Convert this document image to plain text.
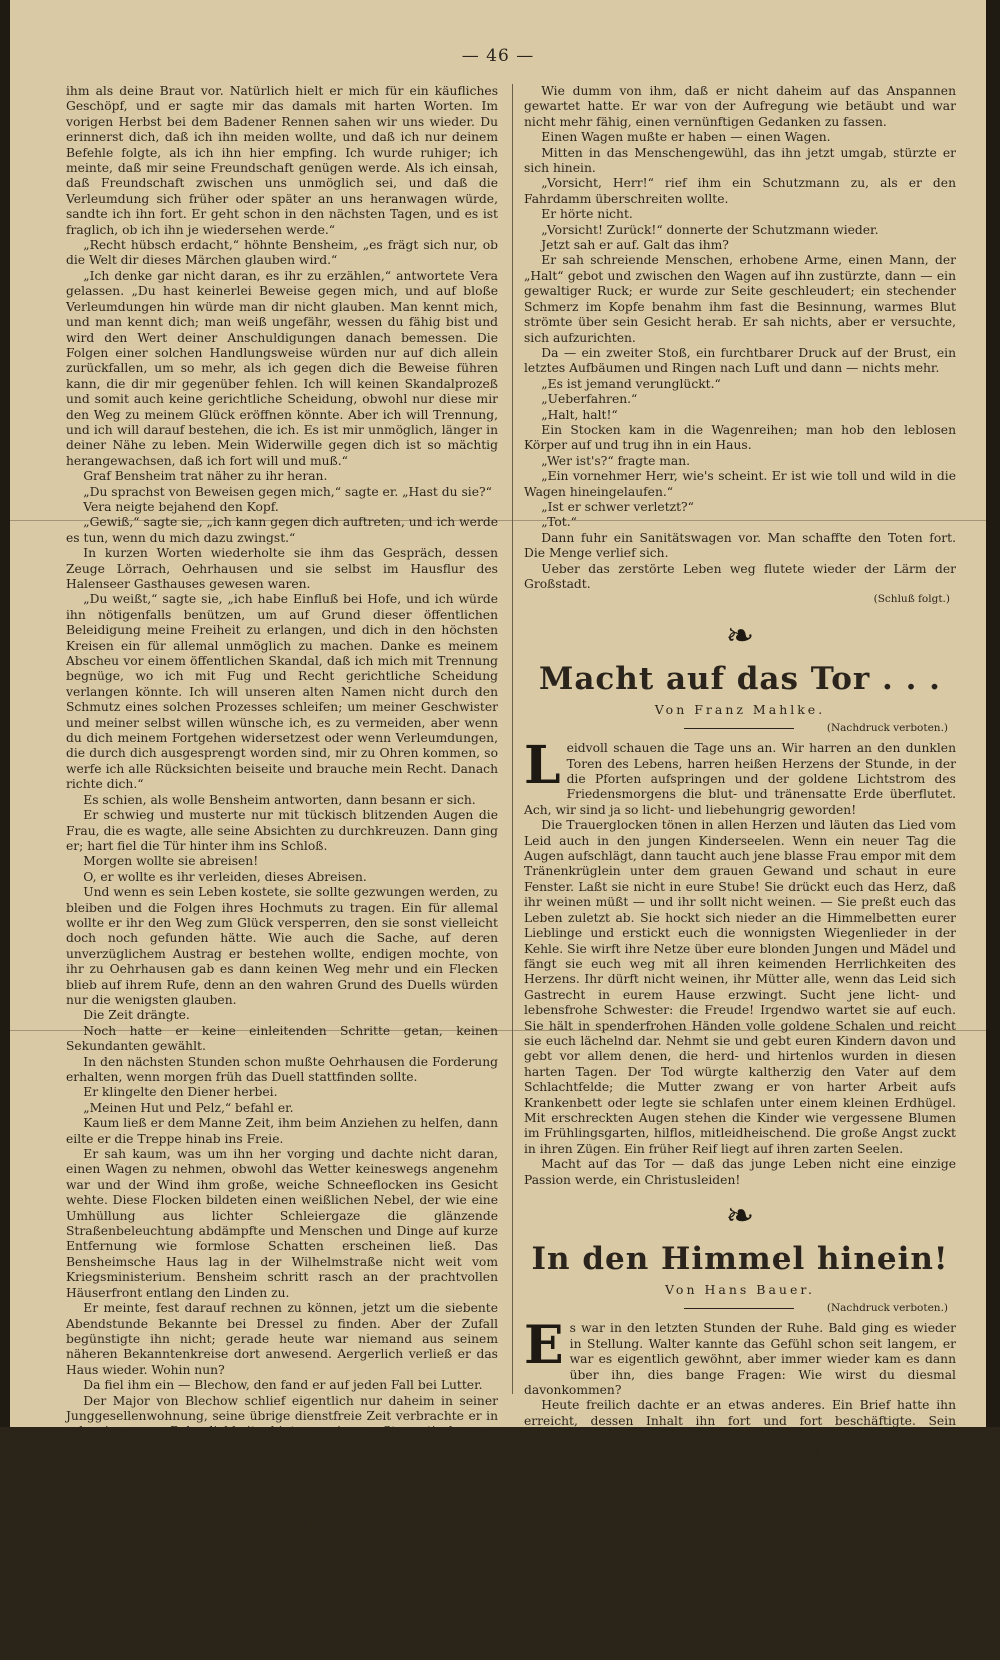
— 46 —

ihm als deine Braut vor. Natürlich hielt er mich für ein käufliches Geschöpf, und er sagte mir das damals mit harten Worten. Im vorigen Herbst bei dem Badener Rennen sahen wir uns wieder. Du erinnerst dich, daß ich ihn meiden wollte, und daß ich nur deinem Befehle folgte, als ich ihn hier empfing. Ich wurde ruhiger; ich meinte, daß mir seine Freundschaft genügen werde. Als ich einsah, daß Freundschaft zwischen uns unmöglich sei, und daß die Verleumdung sich früher oder später an uns heranwagen würde, sandte ich ihn fort. Er geht schon in den nächsten Tagen, und es ist fraglich, ob ich ihn je wiedersehen werde.“

„Recht hübsch erdacht,“ höhnte Bensheim, „es frägt sich nur, ob die Welt dir dieses Märchen glauben wird.“

„Ich denke gar nicht daran, es ihr zu erzählen,“ antwortete Vera gelassen. „Du hast keinerlei Beweise gegen mich, und auf bloße Verleumdungen hin würde man dir nicht glauben. Man kennt mich, und man kennt dich; man weiß ungefähr, wessen du fähig bist und wird den Wert deiner Anschuldigungen danach bemessen. Die Folgen einer solchen Handlungsweise würden nur auf dich allein zurückfallen, um so mehr, als ich gegen dich die Beweise führen kann, die dir mir gegenüber fehlen. Ich will keinen Skandalprozeß und somit auch keine gerichtliche Scheidung, obwohl nur diese mir den Weg zu meinem Glück eröffnen könnte. Aber ich will Trennung, und ich will darauf bestehen, die ich. Es ist mir unmöglich, länger in deiner Nähe zu leben. Mein Widerwille gegen dich ist so mächtig herangewachsen, daß ich fort will und muß.“

Graf Bensheim trat näher zu ihr heran.

„Du sprachst von Beweisen gegen mich,“ sagte er. „Hast du sie?“

Vera neigte bejahend den Kopf.

„Gewiß,“ sagte sie, „ich kann gegen dich auftreten, und ich werde es tun, wenn du mich dazu zwingst.“

In kurzen Worten wiederholte sie ihm das Gespräch, dessen Zeuge Lörrach, Oehrhausen und sie selbst im Hausflur des Halenseer Gasthauses gewesen waren.

„Du weißt,“ sagte sie, „ich habe Einfluß bei Hofe, und ich würde ihn nötigenfalls benützen, um auf Grund dieser öffentlichen Beleidigung meine Freiheit zu erlangen, und dich in den höchsten Kreisen ein für allemal unmöglich zu machen. Danke es meinem Abscheu vor einem öffentlichen Skandal, daß ich mich mit Trennung begnüge, wo ich mit Fug und Recht gerichtliche Scheidung verlangen könnte. Ich will unseren alten Namen nicht durch den Schmutz eines solchen Prozesses schleifen; um meiner Geschwister und meiner selbst willen wünsche ich, es zu vermeiden, aber wenn du dich meinem Fortgehen widersetzest oder wenn Verleumdungen, die durch dich ausgesprengt worden sind, mir zu Ohren kommen, so werfe ich alle Rücksichten beiseite und brauche mein Recht. Danach richte dich.“

Es schien, als wolle Bensheim antworten, dann besann er sich.

Er schwieg und musterte nur mit tückisch blitzenden Augen die Frau, die es wagte, alle seine Absichten zu durchkreuzen. Dann ging er; hart fiel die Tür hinter ihm ins Schloß.

Morgen wollte sie abreisen!

O, er wollte es ihr verleiden, dieses Abreisen.

Und wenn es sein Leben kostete, sie sollte gezwungen werden, zu bleiben und die Folgen ihres Hochmuts zu tragen. Ein für allemal wollte er ihr den Weg zum Glück versperren, den sie sonst vielleicht doch noch gefunden hätte. Wie auch die Sache, auf deren unverzüglichem Austrag er bestehen wollte, endigen mochte, von ihr zu Oehrhausen gab es dann keinen Weg mehr und ein Flecken blieb auf ihrem Rufe, denn an den wahren Grund des Duells würden nur die wenigsten glauben.

Die Zeit drängte.

Noch hatte er keine einleitenden Schritte getan, keinen Sekundanten gewählt.

In den nächsten Stunden schon mußte Oehrhausen die Forderung erhalten, wenn morgen früh das Duell stattfinden sollte.

Er klingelte den Diener herbei.

„Meinen Hut und Pelz,“ befahl er.

Kaum ließ er dem Manne Zeit, ihm beim Anziehen zu helfen, dann eilte er die Treppe hinab ins Freie.

Er sah kaum, was um ihn her vorging und dachte nicht daran, einen Wagen zu nehmen, obwohl das Wetter keineswegs angenehm war und der Wind ihm große, weiche Schneeflocken ins Gesicht wehte. Diese Flocken bildeten einen weißlichen Nebel, der wie eine Umhüllung aus lichter Schleiergaze die glänzende Straßenbeleuchtung abdämpfte und Menschen und Dinge auf kurze Entfernung wie formlose Schatten erscheinen ließ. Das Bensheimsche Haus lag in der Wilhelmstraße nicht weit vom Kriegsministerium. Bensheim schritt rasch an der prachtvollen Häuserfront entlang den Linden zu.

Er meinte, fest darauf rechnen zu können, jetzt um die siebente Abendstunde Bekannte bei Dressel zu finden. Aber der Zufall begünstigte ihn nicht; gerade heute war niemand aus seinem näheren Bekanntenkreise dort anwesend. Aergerlich verließ er das Haus wieder. Wohin nun?

Da fiel ihm ein — Blechow, den fand er auf jeden Fall bei Lutter.

Der Major von Blechow schlief eigentlich nur daheim in seiner Junggesellenwohnung, seine übrige dienstfreie Zeit verbrachte er in schweigsamer Behaglichkeit hinter seinem Stammtische am Gendarmenmarkte.

Er war denn auch heute dagewesen, aber wenige Minuten vor Bensheims Ankunft aufgebrochen, um die Oper zu besuchen. Ein berühmter Gast, der heute den „Lohengrin“ sang, hatte den Major verleitet, seine gewohnte Abendsitzung aufzugeben.

Mit einem Fluch auf den Lippen lief Bensheim weiter.

Hatte sich denn alles gegen ihn verschworen? Er sah sich jetzt nach einem Wagen um, denn der Bekannte, den er aufsuchen wollte, wohnte ziemlich weit draußen im Westen. Aber gerade jetzt zur Theaterzeit waren alle Droschken unterwegs.

Wie dumm von ihm, daß er nicht daheim auf das Anspannen gewartet hatte. Er war von der Aufregung wie betäubt und war nicht mehr fähig, einen vernünftigen Gedanken zu fassen.

Einen Wagen mußte er haben — einen Wagen.

Mitten in das Menschengewühl, das ihn jetzt umgab, stürzte er sich hinein.

„Vorsicht, Herr!“ rief ihm ein Schutzmann zu, als er den Fahrdamm überschreiten wollte.

Er hörte nicht.

„Vorsicht! Zurück!“ donnerte der Schutzmann wieder.

Jetzt sah er auf. Galt das ihm?

Er sah schreiende Menschen, erhobene Arme, einen Mann, der „Halt“ gebot und zwischen den Wagen auf ihn zustürzte, dann — ein gewaltiger Ruck; er wurde zur Seite geschleudert; ein stechender Schmerz im Kopfe benahm ihm fast die Besinnung, warmes Blut strömte über sein Gesicht herab. Er sah nichts, aber er versuchte, sich aufzurichten.

Da — ein zweiter Stoß, ein furchtbarer Druck auf der Brust, ein letztes Aufbäumen und Ringen nach Luft und dann — nichts mehr.

„Es ist jemand verunglückt.“

„Ueberfahren.“

„Halt, halt!“

Ein Stocken kam in die Wagenreihen; man hob den leblosen Körper auf und trug ihn in ein Haus.

„Wer ist's?“ fragte man.

„Ein vornehmer Herr, wie's scheint. Er ist wie toll und wild in die Wagen hineingelaufen.“

„Ist er schwer verletzt?“

„Tot.“

Dann fuhr ein Sanitätswagen vor. Man schaffte den Toten fort. Die Menge verlief sich.

Ueber das zerstörte Leben weg flutete wieder der Lärm der Großstadt.

(Schluß folgt.)
❧
Macht auf das Tor . . .
Von Franz Mahlke.
(Nachdruck verboten.)

Leidvoll schauen die Tage uns an. Wir harren an den dunklen Toren des Lebens, harren heißen Herzens der Stunde, in der die Pforten aufspringen und der goldene Lichtstrom des Friedensmorgens die blut- und tränensatte Erde überflutet. Ach, wir sind ja so licht- und liebehungrig geworden!

Die Trauerglocken tönen in allen Herzen und läuten das Lied vom Leid auch in den jungen Kinderseelen. Wenn ein neuer Tag die Augen aufschlägt, dann taucht auch jene blasse Frau empor mit dem Tränenkrüglein unter dem grauen Gewand und schaut in eure Fenster. Laßt sie nicht in eure Stube! Sie drückt euch das Herz, daß ihr weinen müßt — und ihr sollt nicht weinen. — Sie preßt euch das Leben zuletzt ab. Sie hockt sich nieder an die Himmelbetten eurer Lieblinge und erstickt euch die wonnigsten Wiegenlieder in der Kehle. Sie wirft ihre Netze über eure blonden Jungen und Mädel und fängt sie euch weg mit all ihren keimenden Herrlichkeiten des Herzens. Ihr dürft nicht weinen, ihr Mütter alle, wenn das Leid sich Gastrecht in eurem Hause erzwingt. Sucht jene licht- und lebensfrohe Schwester: die Freude! Irgendwo wartet sie auf euch. Sie hält in spenderfrohen Händen volle goldene Schalen und reicht sie euch lächelnd dar. Nehmt sie und gebt euren Kindern davon und gebt vor allem denen, die herd- und hirtenlos wurden in diesen harten Tagen. Der Tod würgte kaltherzig den Vater auf dem Schlachtfelde; die Mutter zwang er von harter Arbeit aufs Krankenbett oder legte sie schlafen unter einem kleinen Erdhügel. Mit erschreckten Augen stehen die Kinder wie vergessene Blumen im Frühlingsgarten, hilflos, mitleidheischend. Die große Angst zuckt in ihren Zügen. Ein früher Reif liegt auf ihren zarten Seelen.

Macht auf das Tor — daß das junge Leben nicht eine einzige Passion werde, ein Christusleiden!

❧
In den Himmel hinein!
Von Hans Bauer.
(Nachdruck verboten.)

Es war in den letzten Stunden der Ruhe. Bald ging es wieder in Stellung. Walter kannte das Gefühl schon seit langem, er war es eigentlich gewöhnt, aber immer wieder kam es dann über ihn, dies bange Fragen: Wie wirst du diesmal davonkommen?

Heute freilich dachte er an etwas anderes. Ein Brief hatte ihn erreicht, dessen Inhalt ihn fort und fort beschäftigte. Sein Jugendfreund, der Lehrerssohn, der als Leutnant daheim in Urlaub weilte, hatte ihm mitgeteilt, daß er sich mit Else Harder verlobt habe.

Else Harder, die schöne, stolze, blonde Else, die er — Walter — schon so lange heimlich liebte. Kein Mensch wußte um diese Liebe. Er hatte ihr Bild im Herzen getragen und im Herzen verschlossen.

Aber das war es ja eben — hätte er ihr gegenüber einmal von seiner Liebe geredet — vielleicht — — —!

Nun, das mußte herunter. Seinem Freund wollte er darum nicht gram werden. Wenn er gesund heimkommt aus dem Krieg, dann wird Gott ihm schon die Rechte zuführen. Diesen Glauben hatte Walter.

Es ist freilich bitter, einen lieben Traum so zerrinnen zu sehen, sich einen treu und heilig gehegten Wunsch aus dem Sinn schlagen zu müssen.
